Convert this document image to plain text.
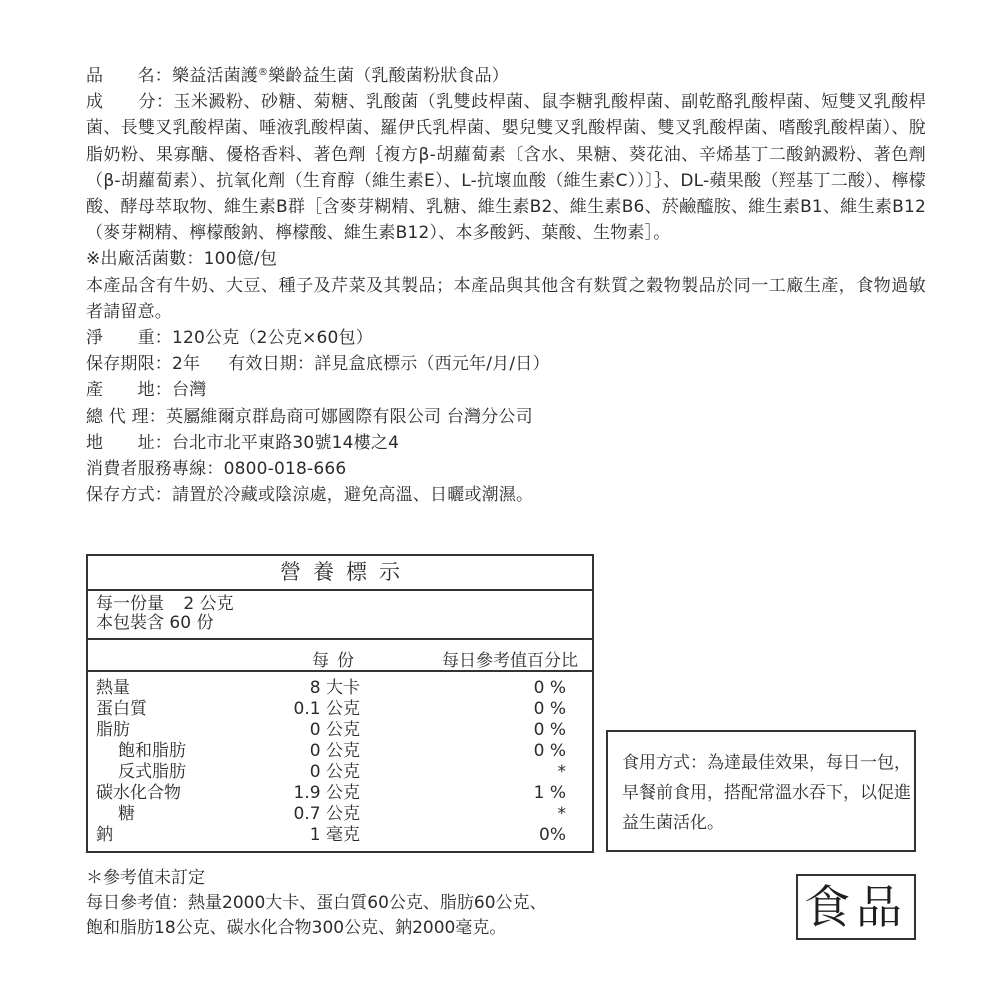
品　　名：樂益活菌護®樂齡益生菌（乳酸菌粉狀食品）
成　　分：玉米澱粉、砂糖、菊糖、乳酸菌（乳雙歧桿菌、鼠李糖乳酸桿菌、副乾酪乳酸桿菌、短雙叉乳酸桿菌、長雙叉乳酸桿菌、唾液乳酸桿菌、羅伊氏乳桿菌、嬰兒雙叉乳酸桿菌、雙叉乳酸桿菌、嗜酸乳酸桿菌）、脫脂奶粉、果寡醣、優格香料、著色劑｛複方β-胡蘿蔔素〔含水、果糖、葵花油、辛烯基丁二酸鈉澱粉、著色劑（β-胡蘿蔔素）、抗氧化劑（生育醇（維生素E）、L-抗壞血酸（維生素C））〕｝、DL-蘋果酸（羥基丁二酸）、檸檬酸、酵母萃取物、維生素B群［含麥芽糊精、乳糖、維生素B2、維生素B6、菸鹼醯胺、維生素B1、維生素B12（麥芽糊精、檸檬酸鈉、檸檬酸、維生素B12）、本多酸鈣、葉酸、生物素］。
※出廠活菌數：100億/包
本產品含有牛奶、大豆、種子及芹菜及其製品；本產品與其他含有麩質之穀物製品於同一工廠生產，食物過敏者請留意。
淨　　重：120公克（2公克×60包）
保存期限：2年 有效日期：詳見盒底標示（西元年/月/日）
產　　地：台灣
總 代 理：英屬維爾京群島商可娜國際有限公司 台灣分公司
地　　址：台北市北平東路30號14樓之4
消費者服務專線：0800-018-666
保存方式：請置於冷藏或陰涼處，避免高溫、日曬或潮濕。
營養標示
每一份量 2 公克
本包裝含 60 份
每份	每日參考值百分比
熱量	8 大卡	0 %
蛋白質	0.1 公克	0 %
脂肪	0 公克	0 %
飽和脂肪	0 公克	0 %
反式脂肪	0 公克	*
碳水化合物	1.9 公克	1 %
糖	0.7 公克	*
鈉	1 毫克	0%
食用方式：為達最佳效果，每日一包，早餐前食用，搭配常溫水吞下，以促進益生菌活化。
＊參考值未訂定
每日參考值：熱量2000大卡、蛋白質60公克、脂肪60公克、
飽和脂肪18公克、碳水化合物300公克、鈉2000毫克。	食品
